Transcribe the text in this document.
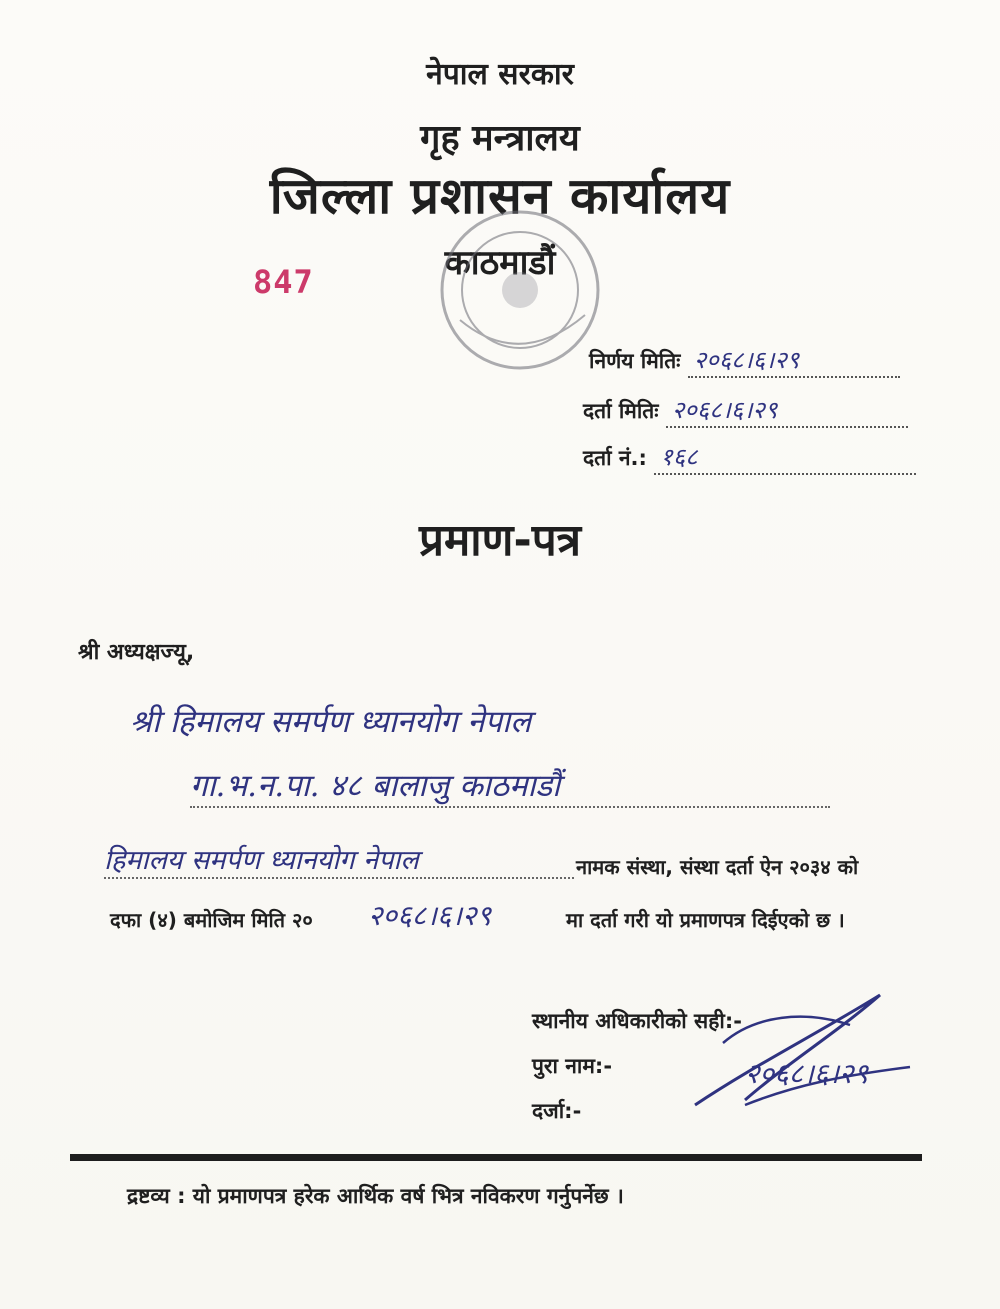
नेपाल सरकार
गृह मन्त्रालय
जिल्ला प्रशासन कार्यालय
काठमाडौं
847
निर्णय मितिः २०६८।६।२९
दर्ता मितिः २०६८।६।२९
दर्ता नं.: १६८
प्रमाण-पत्र
श्री अध्यक्षज्यू,
श्री हिमालय समर्पण ध्यानयोग नेपाल
गा.भ.न.पा. ४८ बालाजु काठमाडौं
हिमालय समर्पण ध्यानयोग नेपाल	नामक संस्था, संस्था दर्ता ऐन २०३४ को
दफा (४) बमोजिम मिति २० २०६८।६।२९	मा दर्ता गरी यो प्रमाणपत्र दिईएको छ ।
स्थानीय अधिकारीको सही:-
पुरा नाम:-
दर्जा:-
२०६८।६।२९
द्रष्टव्य : यो प्रमाणपत्र हरेक आर्थिक वर्ष भित्र नविकरण गर्नुपर्नेछ ।
